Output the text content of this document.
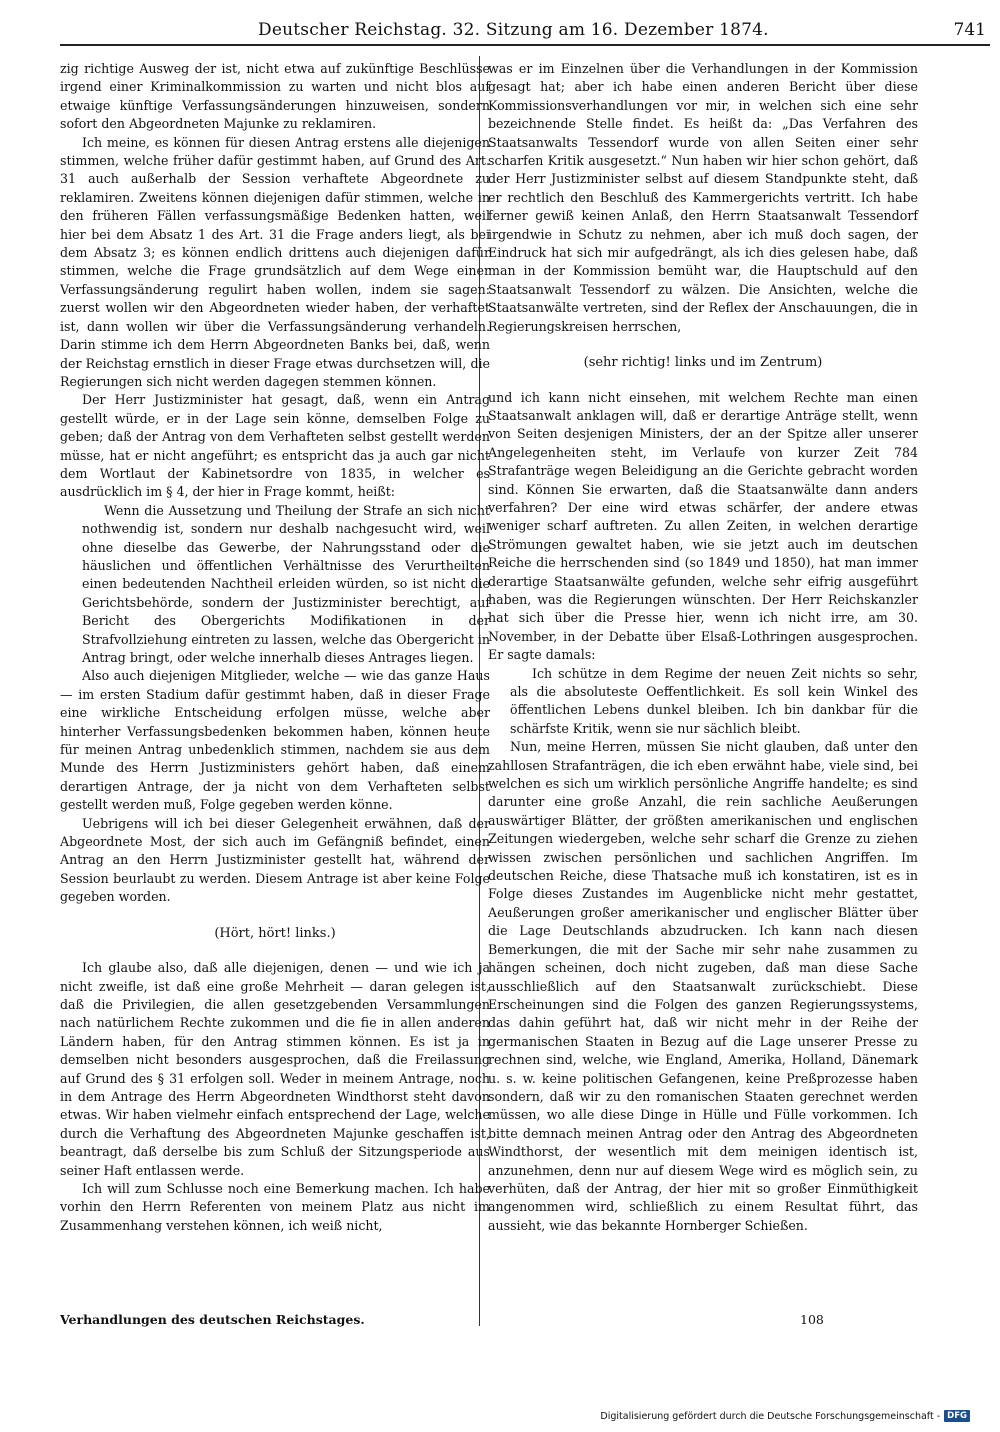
Deutscher Reichstag. 32. Sitzung am 16. Dezember 1874.	741

zig richtige Ausweg der ist, nicht etwa auf zukünftige Beschlüsse irgend einer Kriminalkommission zu warten und nicht blos auf etwaige künftige Verfassungsänderungen hinzuweisen, sondern sofort den Abgeordneten Majunke zu reklamiren.

Ich meine, es können für diesen Antrag erstens alle diejenigen stimmen, welche früher dafür gestimmt haben, auf Grund des Art. 31 auch außerhalb der Session verhaftete Abgeordnete zu reklamiren. Zweitens können diejenigen dafür stimmen, welche in den früheren Fällen verfassungsmäßige Bedenken hatten, weil hier bei dem Absatz 1 des Art. 31 die Frage anders liegt, als bei dem Absatz 3; es können endlich drittens auch diejenigen dafür stimmen, welche die Frage grundsätzlich auf dem Wege einer Verfassungsänderung regulirt haben wollen, indem sie sagen: zuerst wollen wir den Abgeordneten wieder haben, der verhaftet ist, dann wollen wir über die Verfassungsänderung verhandeln. Darin stimme ich dem Herrn Abgeordneten Banks bei, daß, wenn der Reichstag ernstlich in dieser Frage etwas durchsetzen will, die Regierungen sich nicht werden dagegen stemmen können.

Der Herr Justizminister hat gesagt, daß, wenn ein Antrag gestellt würde, er in der Lage sein könne, demselben Folge zu geben; daß der Antrag von dem Verhafteten selbst gestellt werden müsse, hat er nicht angeführt; es entspricht das ja auch gar nicht dem Wortlaut der Kabinetsordre von 1835, in welcher es ausdrücklich im § 4, der hier in Frage kommt, heißt:

Wenn die Aussetzung und Theilung der Strafe an sich nicht nothwendig ist, sondern nur deshalb nachgesucht wird, weil ohne dieselbe das Gewerbe, der Nahrungsstand oder die häuslichen und öffentlichen Verhältnisse des Verurtheilten einen bedeutenden Nachtheil erleiden würden, so ist nicht die Gerichtsbehörde, sondern der Justizminister berechtigt, auf Bericht des Obergerichts Modifikationen in der Strafvollziehung eintreten zu lassen, welche das Obergericht in Antrag bringt, oder welche innerhalb dieses Antrages liegen.

Also auch diejenigen Mitglieder, welche — wie das ganze Haus — im ersten Stadium dafür gestimmt haben, daß in dieser Frage eine wirkliche Entscheidung erfolgen müsse, welche aber hinterher Verfassungsbedenken bekommen haben, können heute für meinen Antrag unbedenklich stimmen, nachdem sie aus dem Munde des Herrn Justizministers gehört haben, daß einem derartigen Antrage, der ja nicht von dem Verhafteten selbst gestellt werden muß, Folge gegeben werden könne.

Uebrigens will ich bei dieser Gelegenheit erwähnen, daß der Abgeordnete Most, der sich auch im Gefängniß befindet, einen Antrag an den Herrn Justizminister gestellt hat, während der Session beurlaubt zu werden. Diesem Antrage ist aber keine Folge gegeben worden.

(Hört, hört! links.)

Ich glaube also, daß alle diejenigen, denen — und wie ich ja nicht zweifle, ist daß eine große Mehrheit — daran gelegen ist, daß die Privilegien, die allen gesetzgebenden Versammlungen nach natürlichem Rechte zukommen und die fie in allen anderen Ländern haben, für den Antrag stimmen können. Es ist ja in demselben nicht besonders ausgesprochen, daß die Freilassung auf Grund des § 31 erfolgen soll. Weder in meinem Antrage, noch in dem Antrage des Herrn Abgeordneten Windthorst steht davon etwas. Wir haben vielmehr einfach entsprechend der Lage, welche durch die Verhaftung des Abgeordneten Majunke geschaffen ist, beantragt, daß derselbe bis zum Schluß der Sitzungsperiode aus seiner Haft entlassen werde.

Ich will zum Schlusse noch eine Bemerkung machen. Ich habe vorhin den Herrn Referenten von meinem Platz aus nicht im Zusammenhang verstehen können, ich weiß nicht,

was er im Einzelnen über die Verhandlungen in der Kommission gesagt hat; aber ich habe einen anderen Bericht über diese Kommissionsverhandlungen vor mir, in welchen sich eine sehr bezeichnende Stelle findet. Es heißt da: „Das Verfahren des Staatsanwalts Tessendorf wurde von allen Seiten einer sehr scharfen Kritik ausgesetzt.“ Nun haben wir hier schon gehört, daß der Herr Justizminister selbst auf diesem Standpunkte steht, daß er rechtlich den Beschluß des Kammergerichts vertritt. Ich habe ferner gewiß keinen Anlaß, den Herrn Staatsanwalt Tessendorf irgendwie in Schutz zu nehmen, aber ich muß doch sagen, der Eindruck hat sich mir aufgedrängt, als ich dies gelesen habe, daß man in der Kommission bemüht war, die Hauptschuld auf den Staatsanwalt Tessendorf zu wälzen. Die Ansichten, welche die Staatsanwälte vertreten, sind der Reflex der Anschauungen, die in Regierungskreisen herrschen,

(sehr richtig! links und im Zentrum)

und ich kann nicht einsehen, mit welchem Rechte man einen Staatsanwalt anklagen will, daß er derartige Anträge stellt, wenn von Seiten desjenigen Ministers, der an der Spitze aller unserer Angelegenheiten steht, im Verlaufe von kurzer Zeit 784 Strafanträge wegen Beleidigung an die Gerichte gebracht worden sind. Können Sie erwarten, daß die Staatsanwälte dann anders verfahren? Der eine wird etwas schärfer, der andere etwas weniger scharf auftreten. Zu allen Zeiten, in welchen derartige Strömungen gewaltet haben, wie sie jetzt auch im deutschen Reiche die herrschenden sind (so 1849 und 1850), hat man immer derartige Staatsanwälte gefunden, welche sehr eifrig ausgeführt haben, was die Regierungen wünschten. Der Herr Reichskanzler hat sich über die Presse hier, wenn ich nicht irre, am 30. November, in der Debatte über Elsaß-Lothringen ausgesprochen. Er sagte damals:

Ich schütze in dem Regime der neuen Zeit nichts so sehr, als die absoluteste Oeffentlichkeit. Es soll kein Winkel des öffentlichen Lebens dunkel bleiben. Ich bin dankbar für die schärfste Kritik, wenn sie nur sächlich bleibt.

Nun, meine Herren, müssen Sie nicht glauben, daß unter den zahllosen Strafanträgen, die ich eben erwähnt habe, viele sind, bei welchen es sich um wirklich persönliche Angriffe handelte; es sind darunter eine große Anzahl, die rein sachliche Aeußerungen auswärtiger Blätter, der größten amerikanischen und englischen Zeitungen wiedergeben, welche sehr scharf die Grenze zu ziehen wissen zwischen persönlichen und sachlichen Angriffen. Im deutschen Reiche, diese Thatsache muß ich konstatiren, ist es in Folge dieses Zustandes im Augenblicke nicht mehr gestattet, Aeußerungen großer amerikanischer und englischer Blätter über die Lage Deutschlands abzudrucken. Ich kann nach diesen Bemerkungen, die mit der Sache mir sehr nahe zusammen zu hängen scheinen, doch nicht zugeben, daß man diese Sache ausschließlich auf den Staatsanwalt zurückschiebt. Diese Erscheinungen sind die Folgen des ganzen Regierungssystems, das dahin geführt hat, daß wir nicht mehr in der Reihe der germanischen Staaten in Bezug auf die Lage unserer Presse zu rechnen sind, welche, wie England, Amerika, Holland, Dänemark u. s. w. keine politischen Gefangenen, keine Preßprozesse haben sondern, daß wir zu den romanischen Staaten gerechnet werden müssen, wo alle diese Dinge in Hülle und Fülle vorkommen. Ich bitte demnach meinen Antrag oder den Antrag des Abgeordneten Windthorst, der wesentlich mit dem meinigen identisch ist, anzunehmen, denn nur auf diesem Wege wird es möglich sein, zu verhüten, daß der Antrag, der hier mit so großer Einmüthigkeit angenommen wird, schließlich zu einem Resultat führt, das aussieht, wie das bekannte Hornberger Schießen.

Verhandlungen des deutschen Reichstages.	108
Digitalisierung gefördert durch die Deutsche Forschungsgemeinschaft - DFG
